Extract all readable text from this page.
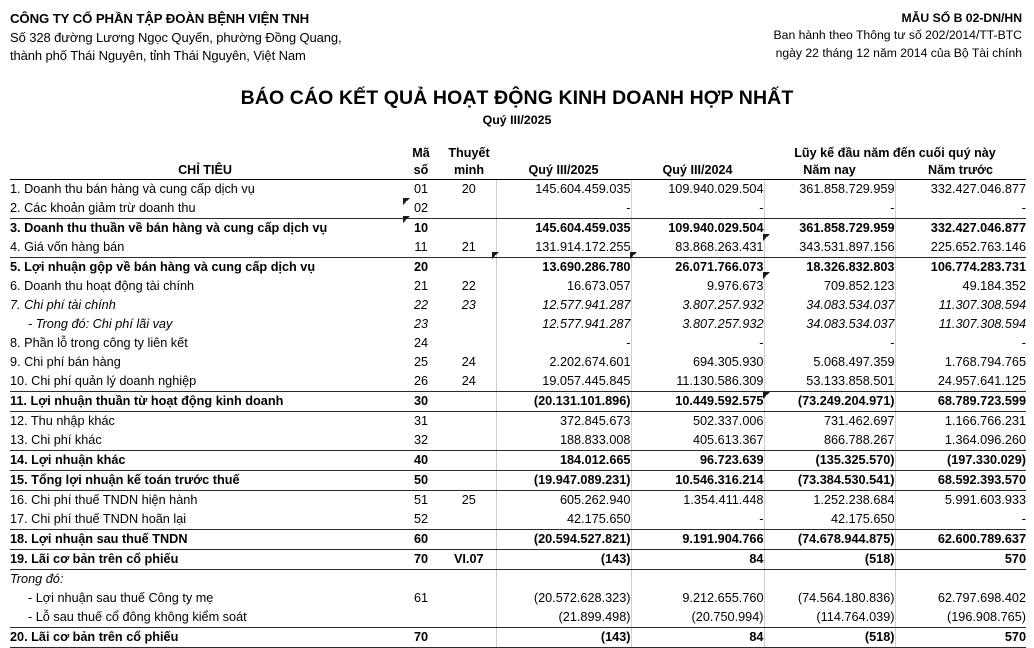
CÔNG TY CỔ PHẦN TẬP ĐOÀN BỆNH VIỆN TNH
Số 328 đường Lương Ngọc Quyến, phường Đồng Quang,
thành phố Thái Nguyên, tỉnh Thái Nguyên, Việt Nam
MẪU SỐ B 02-DN/HN
Ban hành theo Thông tư số 202/2014/TT-BTC
ngày 22 tháng 12 năm 2014 của Bộ Tài chính
BÁO CÁO KẾT QUẢ HOẠT ĐỘNG KINH DOANH HỢP NHẤT
Quý III/2025
	Mã	Thuyết			Lũy kế đầu năm đến cuối quý này	
CHỈ TIÊU	số	minh	Quý III/2025	Quý III/2024	Năm nay	Năm trước
1. Doanh thu bán hàng và cung cấp dịch vụ	01	20	145.604.459.035	109.940.029.504	361.858.729.959	332.427.046.877
2. Các khoản giảm trừ doanh thu	02		-	-	-	-
3. Doanh thu thuần về bán hàng và cung cấp dịch vụ	10		145.604.459.035	109.940.029.504	361.858.729.959	332.427.046.877
4. Giá vốn hàng bán	11	21	131.914.172.255	83.868.263.431	343.531.897.156	225.652.763.146
5. Lợi nhuận gộp về bán hàng và cung cấp dịch vụ	20		13.690.286.780	26.071.766.073	18.326.832.803	106.774.283.731
6. Doanh thu hoạt động tài chính	21	22	16.673.057	9.976.673	709.852.123	49.184.352
7. Chi phí tài chính	22	23	12.577.941.287	3.807.257.932	34.083.534.037	11.307.308.594
- Trong đó: Chi phí lãi vay	23		12.577.941.287	3.807.257.932	34.083.534.037	11.307.308.594
8. Phần lỗ trong công ty liên kết	24		-	-	-	-
9. Chi phí bán hàng	25	24	2.202.674.601	694.305.930	5.068.497.359	1.768.794.765
10. Chi phí quản lý doanh nghiệp	26	24	19.057.445.845	11.130.586.309	53.133.858.501	24.957.641.125
11. Lợi nhuận thuần từ hoạt động kinh doanh	30		(20.131.101.896)	10.449.592.575	(73.249.204.971)	68.789.723.599
12. Thu nhập khác	31		372.845.673	502.337.006	731.462.697	1.166.766.231
13. Chi phí khác	32		188.833.008	405.613.367	866.788.267	1.364.096.260
14. Lợi nhuận khác	40		184.012.665	96.723.639	(135.325.570)	(197.330.029)
15. Tổng lợi nhuận kế toán trước thuế	50		(19.947.089.231)	10.546.316.214	(73.384.530.541)	68.592.393.570
16. Chi phí thuế TNDN hiện hành	51	25	605.262.940	1.354.411.448	1.252.238.684	5.991.603.933
17. Chi phí thuế TNDN hoãn lại	52		42.175.650	-	42.175.650	-
18. Lợi nhuận sau thuế TNDN	60		(20.594.527.821)	9.191.904.766	(74.678.944.875)	62.600.789.637
19. Lãi cơ bản trên cổ phiếu	70	VI.07	(143)	84	(518)	570
Trong đó:						
- Lợi nhuận sau thuế Công ty mẹ	61		(20.572.628.323)	9.212.655.760	(74.564.180.836)	62.797.698.402
- Lỗ sau thuế cổ đông không kiểm soát			(21.899.498)	(20.750.994)	(114.764.039)	(196.908.765)
20. Lãi cơ bản trên cổ phiếu	70		(143)	84	(518)	570
